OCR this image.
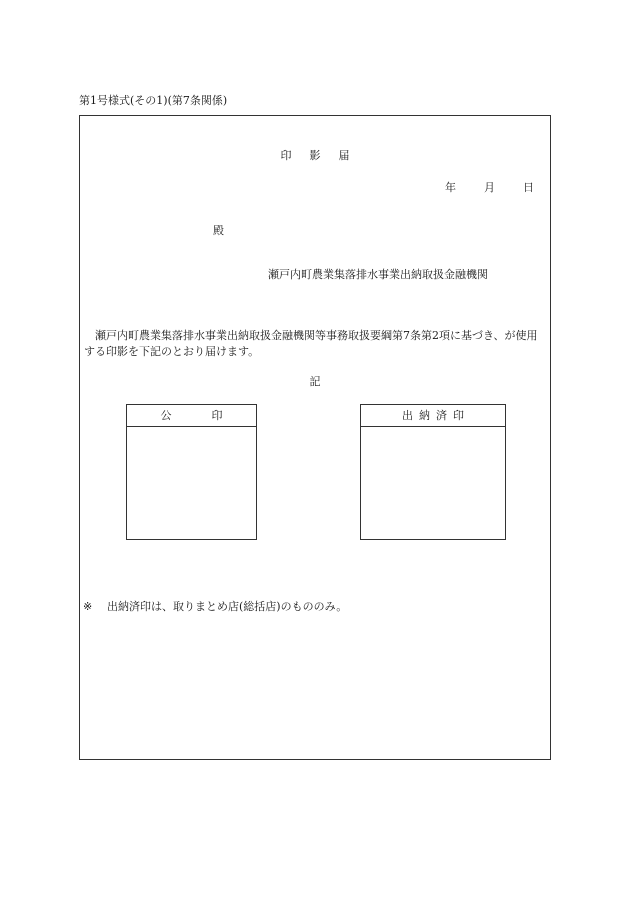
第1号様式(その1)(第7条関係)
印 影 届
年	月	日
殿
瀬戸内町農業集落排水事業出納取扱金融機関
瀬戸内町農業集落排水事業出納取扱金融機関等事務取扱要綱第7条第2項に基づき、が使用する印影を下記のとおり届けます。
記
公	印	出 納 済 印
※ 出納済印は、取りまとめ店(総括店)のもののみ。
